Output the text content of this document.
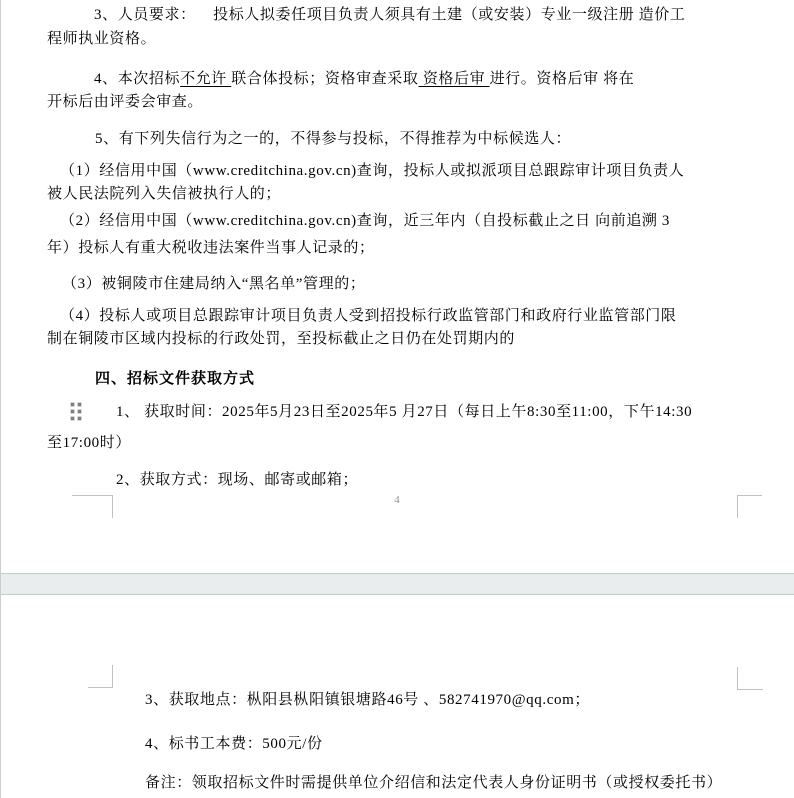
3、人员要求：    投标人拟委任项目负责人须具有土建（或安装）专业一级注册 造价工
程师执业资格。
4、本次招标不允许 联合体投标；资格审查采取 资格后审 进行。资格后审 将在
开标后由评委会审查。
5、有下列失信行为之一的，不得参与投标，不得推荐为中标候选人：
（1）经信用中国（www.creditchina.gov.cn)查询，投标人或拟派项目总跟踪审计项目负责人
被人民法院列入失信被执行人的；
（2）经信用中国（www.creditchina.gov.cn)查询，近三年内（自投标截止之日 向前追溯 3
年）投标人有重大税收违法案件当事人记录的；
（3）被铜陵市住建局纳入“黑名单”管理的；
（4）投标人或项目总跟踪审计项目负责人受到招投标行政监管部门和政府行业监管部门限
制在铜陵市区域内投标的行政处罚，至投标截止之日仍在处罚期内的
四、招标文件获取方式
1、 获取时间：2025年5月23日至2025年5 月27日（每日上午8:30至11:00，下午14:30
至17:00时）
2、获取方式：现场、邮寄或邮箱；
3、获取地点：枞阳县枞阳镇银塘路46号 、582741970@qq.com；
4、标书工本费：500元/份
备注：领取招标文件时需提供单位介绍信和法定代表人身份证明书（或授权委托书）
4
